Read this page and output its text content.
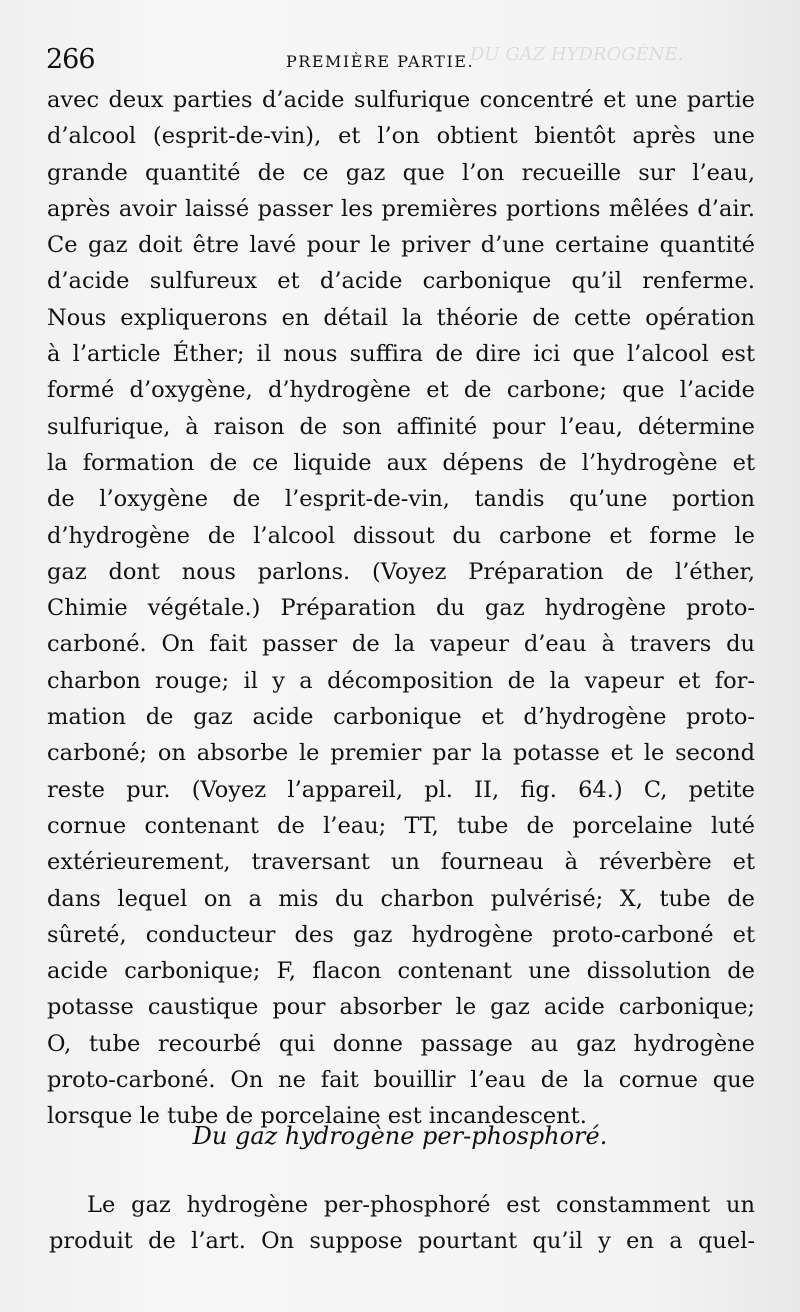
DU GAZ HYDROGÈNE.
266	PREMIÈRE PARTIE.
avec deux parties d’acide sulfurique concentré et une partie
d’alcool (esprit-de-vin), et l’on obtient bientôt après une
grande quantité de ce gaz que l’on recueille sur l’eau,
après avoir laissé passer les premières portions mêlées d’air.
Ce gaz doit être lavé pour le priver d’une certaine quantité
d’acide sulfureux et d’acide carbonique qu’il renferme.
Nous expliquerons en détail la théorie de cette opération
à l’article Éther; il nous suffira de dire ici que l’alcool est
formé d’oxygène, d’hydrogène et de carbone; que l’acide
sulfurique, à raison de son affinité pour l’eau, détermine
la formation de ce liquide aux dépens de l’hydrogène et
de l’oxygène de l’esprit-de-vin, tandis qu’une portion
d’hydrogène de l’alcool dissout du carbone et forme le
gaz dont nous parlons. (Voyez Préparation de l’éther,
Chimie végétale.) Préparation du gaz hydrogène proto-
carboné. On fait passer de la vapeur d’eau à travers du
charbon rouge; il y a décomposition de la vapeur et for-
mation de gaz acide carbonique et d’hydrogène proto-
carboné; on absorbe le premier par la potasse et le second
reste pur. (Voyez l’appareil, pl. II, fig. 64.) C, petite
cornue contenant de l’eau; TT, tube de porcelaine luté
extérieurement, traversant un fourneau à réverbère et
dans lequel on a mis du charbon pulvérisé; X, tube de
sûreté, conducteur des gaz hydrogène proto-carboné et
acide carbonique; F, flacon contenant une dissolution de
potasse caustique pour absorber le gaz acide carbonique;
O, tube recourbé qui donne passage au gaz hydrogène
proto-carboné. On ne fait bouillir l’eau de la cornue que
lorsque le tube de porcelaine est incandescent.
Du gaz hydrogène per-phosphoré.
Le gaz hydrogène per-phosphoré est constamment un
produit de l’art. On suppose pourtant qu’il y en a quel-
